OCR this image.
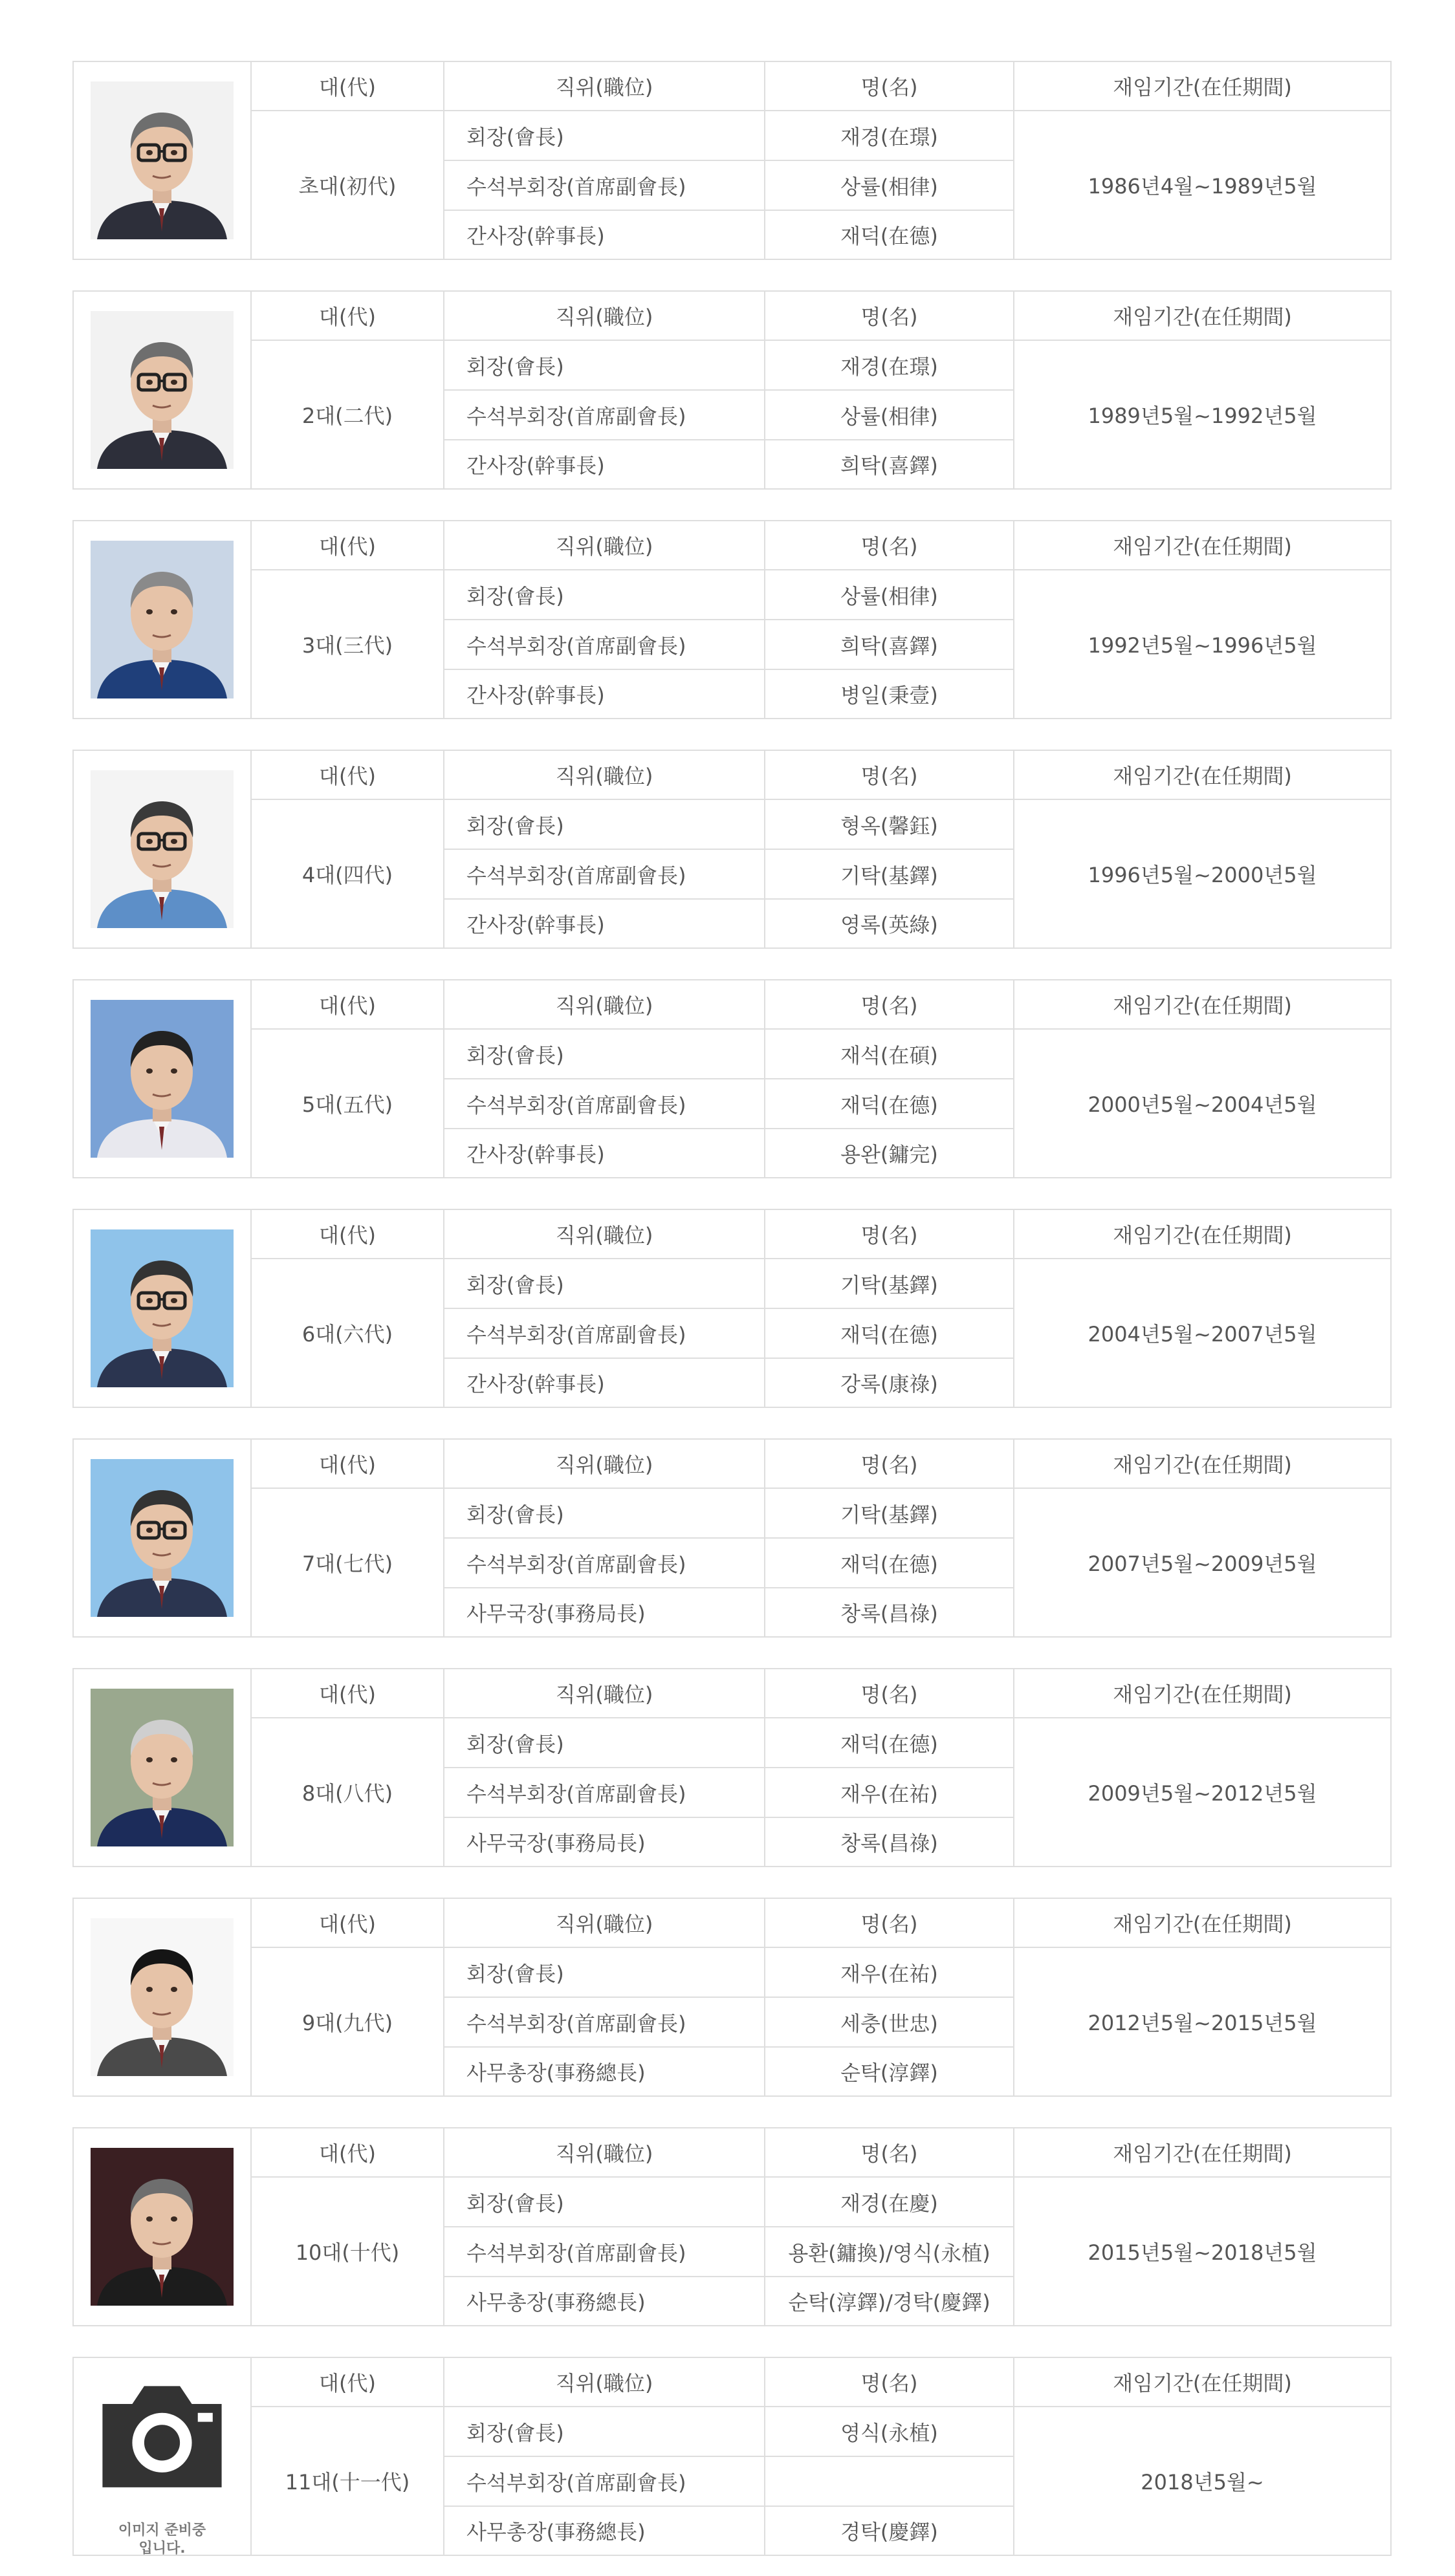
대(代)	직위(職位)	명(名)	재임기간(在任期間)
초대(初代)
회장(會長)	재경(在璟)
수석부회장(首席副會長)	상률(相律)
간사장(幹事長)	재덕(在德)
1986년4월~1989년5월
대(代)	직위(職位)	명(名)	재임기간(在任期間)
2대(二代)
회장(會長)	재경(在璟)
수석부회장(首席副會長)	상률(相律)
간사장(幹事長)	희탁(喜鐸)
1989년5월~1992년5월
대(代)	직위(職位)	명(名)	재임기간(在任期間)
3대(三代)
회장(會長)	상률(相律)
수석부회장(首席副會長)	희탁(喜鐸)
간사장(幹事長)	병일(秉壹)
1992년5월~1996년5월
대(代)	직위(職位)	명(名)	재임기간(在任期間)
4대(四代)
회장(會長)	형옥(馨鈺)
수석부회장(首席副會長)	기탁(基鐸)
간사장(幹事長)	영록(英綠)
1996년5월~2000년5월
대(代)	직위(職位)	명(名)	재임기간(在任期間)
5대(五代)
회장(會長)	재석(在碩)
수석부회장(首席副會長)	재덕(在德)
간사장(幹事長)	용완(鏞完)
2000년5월~2004년5월
대(代)	직위(職位)	명(名)	재임기간(在任期間)
6대(六代)
회장(會長)	기탁(基鐸)
수석부회장(首席副會長)	재덕(在德)
간사장(幹事長)	강록(康祿)
2004년5월~2007년5월
대(代)	직위(職位)	명(名)	재임기간(在任期間)
7대(七代)
회장(會長)	기탁(基鐸)
수석부회장(首席副會長)	재덕(在德)
사무국장(事務局長)	창록(昌祿)
2007년5월~2009년5월
대(代)	직위(職位)	명(名)	재임기간(在任期間)
8대(八代)
회장(會長)	재덕(在德)
수석부회장(首席副會長)	재우(在祐)
사무국장(事務局長)	창록(昌祿)
2009년5월~2012년5월
대(代)	직위(職位)	명(名)	재임기간(在任期間)
9대(九代)
회장(會長)	재우(在祐)
수석부회장(首席副會長)	세충(世忠)
사무총장(事務總長)	순탁(淳鐸)
2012년5월~2015년5월
대(代)	직위(職位)	명(名)	재임기간(在任期間)
10대(十代)
회장(會長)	재경(在慶)
수석부회장(首席副會長)	용환(鏞換)/영식(永植)
사무총장(事務總長)	순탁(淳鐸)/경탁(慶鐸)
2015년5월~2018년5월
이미지 준비중
입니다.
대(代)	직위(職位)	명(名)	재임기간(在任期間)
11대(十一代)
회장(會長)	영식(永植)
수석부회장(首席副會長)
사무총장(事務總長)	경탁(慶鐸)
2018년5월~
